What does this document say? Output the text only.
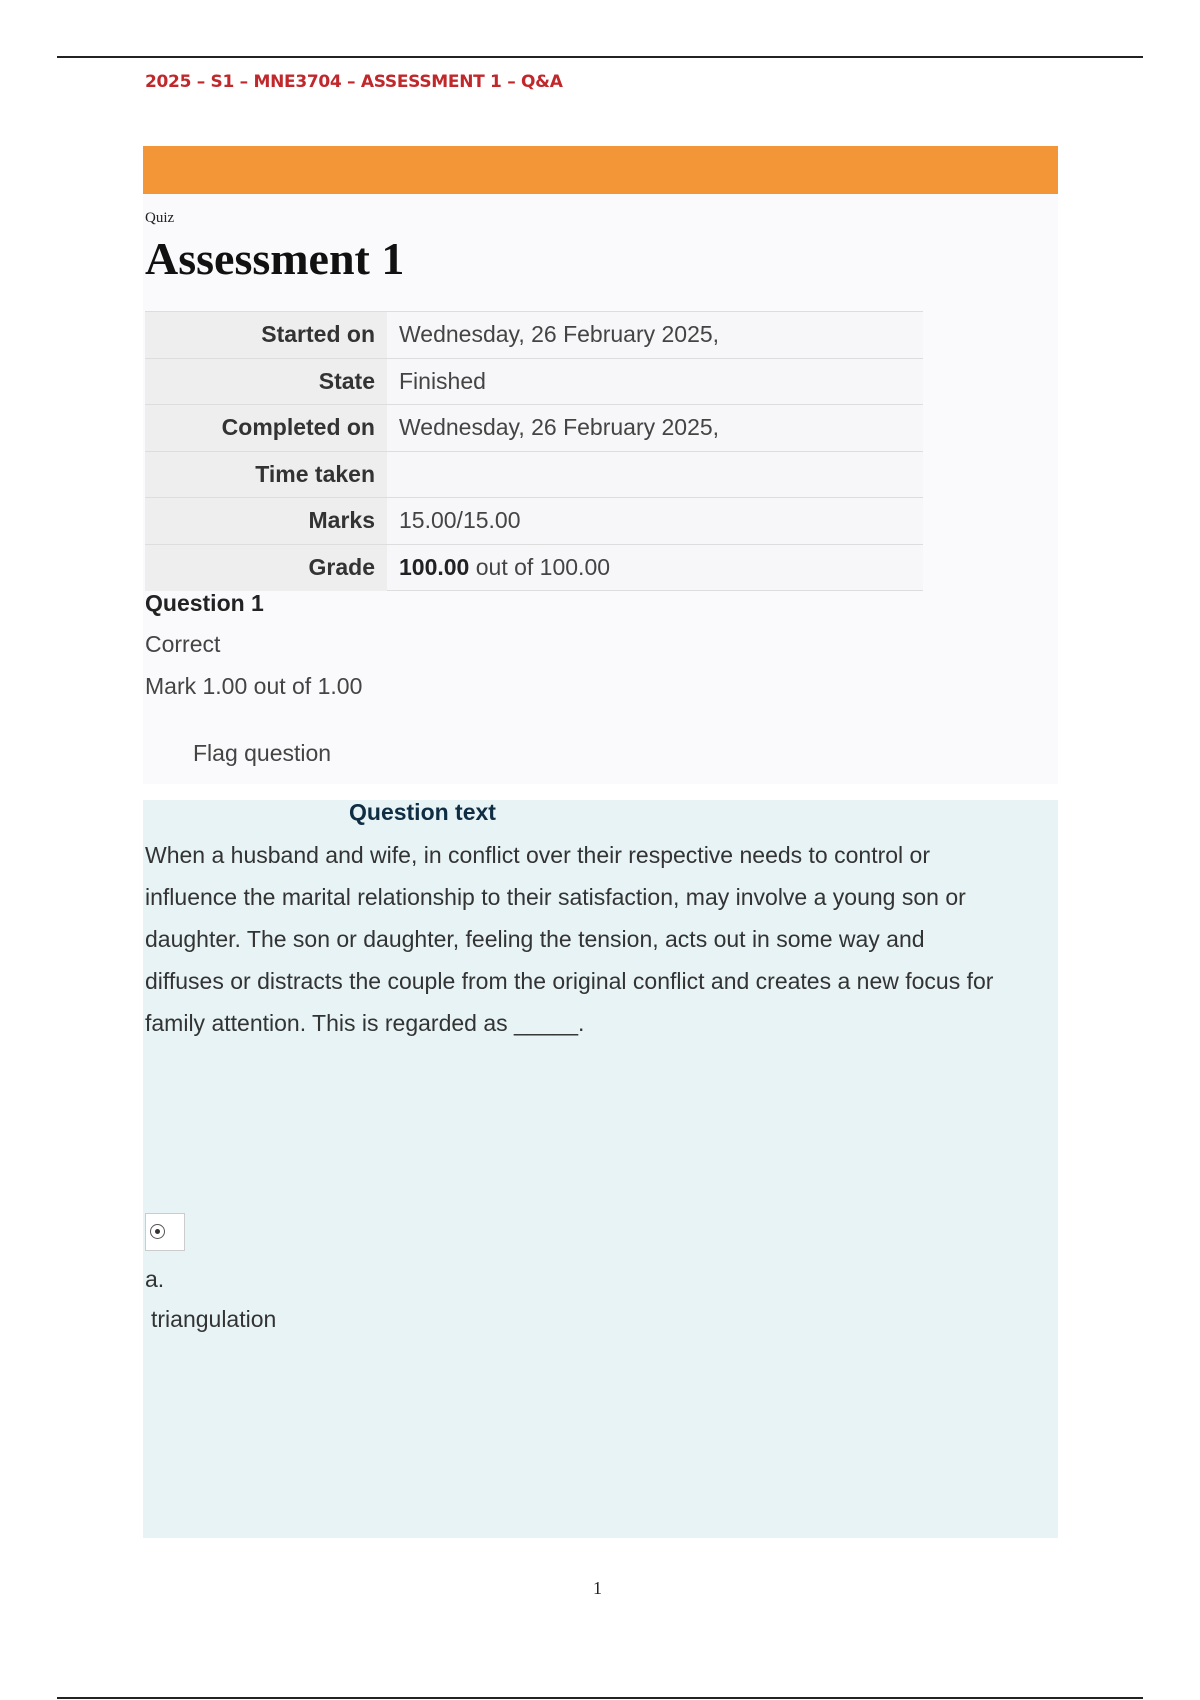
2025 – S1 – MNE3704 – ASSESSMENT 1 – Q&A
Quiz
Assessment 1
Started on	Wednesday, 26 February 2025,
State	Finished
Completed on	Wednesday, 26 February 2025,
Time taken	
Marks	15.00/15.00
Grade	100.00 out of 100.00
Question 1
Correct
Mark 1.00 out of 1.00
Flag question
Question text

When a husband and wife, in conflict over their respective needs to control or
influence the marital relationship to their satisfaction, may involve a young son or
daughter. The son or daughter, feeling the tension, acts out in some way and
diffuses or distracts the couple from the original conflict and creates a new focus for
family attention. This is regarded as _____.

a.
triangulation
1
